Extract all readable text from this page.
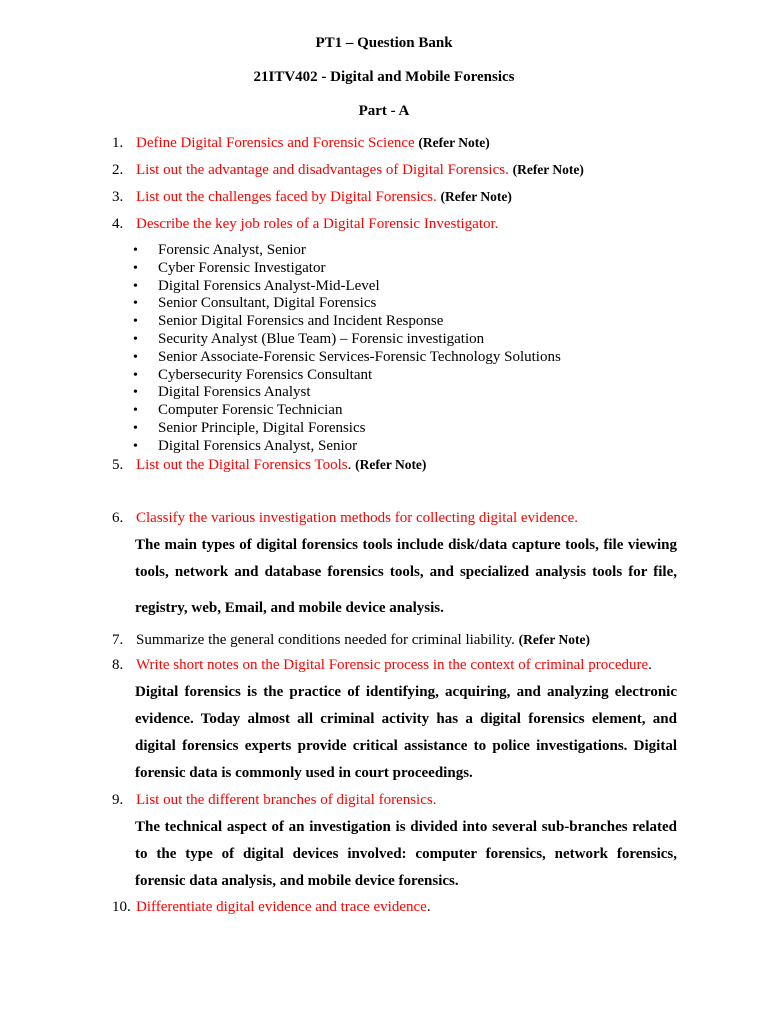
PT1 – Question Bank
21ITV402 - Digital and Mobile Forensics
Part - A
1. Define Digital Forensics and Forensic Science (Refer Note)
2. List out the advantage and disadvantages of Digital Forensics. (Refer Note)
3. List out the challenges faced by Digital Forensics. (Refer Note)
4. Describe the key job roles of a Digital Forensic Investigator.
• Forensic Analyst, Senior
• Cyber Forensic Investigator
• Digital Forensics Analyst-Mid-Level
• Senior Consultant, Digital Forensics
• Senior Digital Forensics and Incident Response
• Security Analyst (Blue Team) – Forensic investigation
• Senior Associate-Forensic Services-Forensic Technology Solutions
• Cybersecurity Forensics Consultant
• Digital Forensics Analyst
• Computer Forensic Technician
• Senior Principle, Digital Forensics
• Digital Forensics Analyst, Senior
5. List out the Digital Forensics Tools. (Refer Note)
6. Classify the various investigation methods for collecting digital evidence.
The main types of digital forensics tools include disk/data capture tools, file viewing
tools, network and database forensics tools, and specialized analysis tools for file,
registry, web, Email, and mobile device analysis.
7. Summarize the general conditions needed for criminal liability. (Refer Note)
8. Write short notes on the Digital Forensic process in the context of criminal procedure.
Digital forensics is the practice of identifying, acquiring, and analyzing electronic
evidence. Today almost all criminal activity has a digital forensics element, and
digital forensics experts provide critical assistance to police investigations. Digital
forensic data is commonly used in court proceedings.
9. List out the different branches of digital forensics.
The technical aspect of an investigation is divided into several sub-branches related
to the type of digital devices involved: computer forensics, network forensics,
forensic data analysis, and mobile device forensics.
10. Differentiate digital evidence and trace evidence.
